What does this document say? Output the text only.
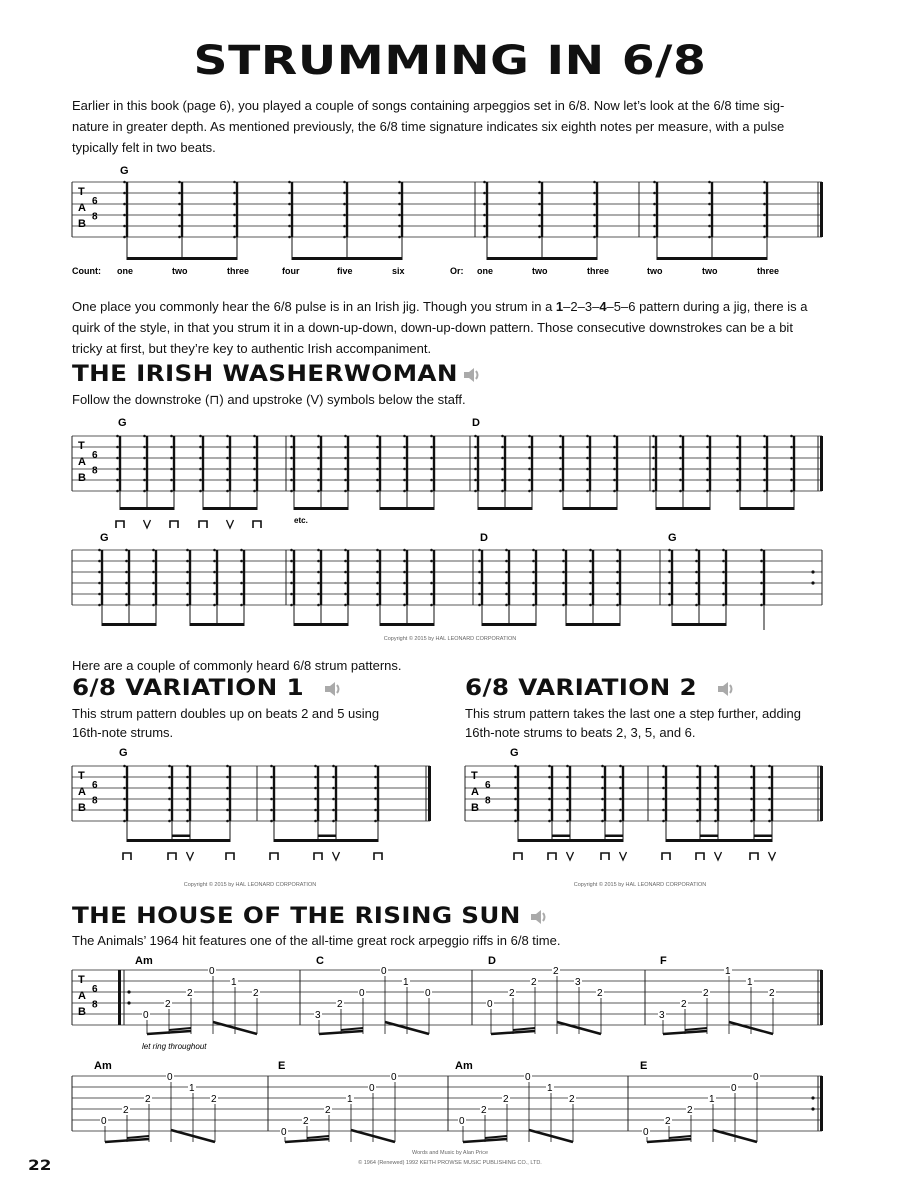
STRUMMING IN 6/8
Earlier in this book (page 6), you played a couple of songs containing arpeggios set in 6/8. Now let’s look at the 6/8 time sig-
nature in greater depth. As mentioned previously, the 6/8 time signature indicates six eighth notes per measure, with a pulse
typically felt in two beats.
G
T
A
B
6
8
Count: one	two	three	four	five	six	Or: one	two	three	two	two	three
One place you commonly hear the 6/8 pulse is in an Irish jig. Though you strum in a 1–2–3–4–5–6 pattern during a jig, there is a
quirk of the style, in that you strum it in a down-up-down, down-up-down pattern. Those consecutive downstrokes can be a bit
tricky at first, but they’re key to authentic Irish accompaniment.
THE IRISH WASHERWOMAN
Follow the downstroke (⊓) and upstroke (V) symbols below the staff.
G	D
T
A
B
6
8
etc.
G	D	G
Copyright © 2015 by HAL LEONARD CORPORATION
Here are a couple of commonly heard 6/8 strum patterns.
6/8 VARIATION 1
This strum pattern doubles up on beats 2 and 5 using
16th-note strums.
6/8 VARIATION 2
This strum pattern takes the last one a step further, adding
16th-note strums to beats 2, 3, 5, and 6.
G	G
T
A
B
6
8
T
A
B
6
8
Copyright © 2015 by HAL LEONARD CORPORATION	Copyright © 2015 by HAL LEONARD CORPORATION
THE HOUSE OF THE RISING SUN
The Animals’ 1964 hit features one of the all-time great rock arpeggio riffs in 6/8 time.
Am	C	D	F
T
A
B
6
8
0
2
2
0
1
2
3
2
0
0
1
0
0
2
2
2
3
2
3
2
2
1
1
2
let ring throughout
Am	E	Am	E
0
2
2
0
1
2
0
2
2
1
0
0
0
2
2
0
1
2
0
2
2
1
0
0
Words and Music by Alan Price
© 1964 (Renewed) 1992 KEITH PROWSE MUSIC PUBLISHING CO., LTD.
22
